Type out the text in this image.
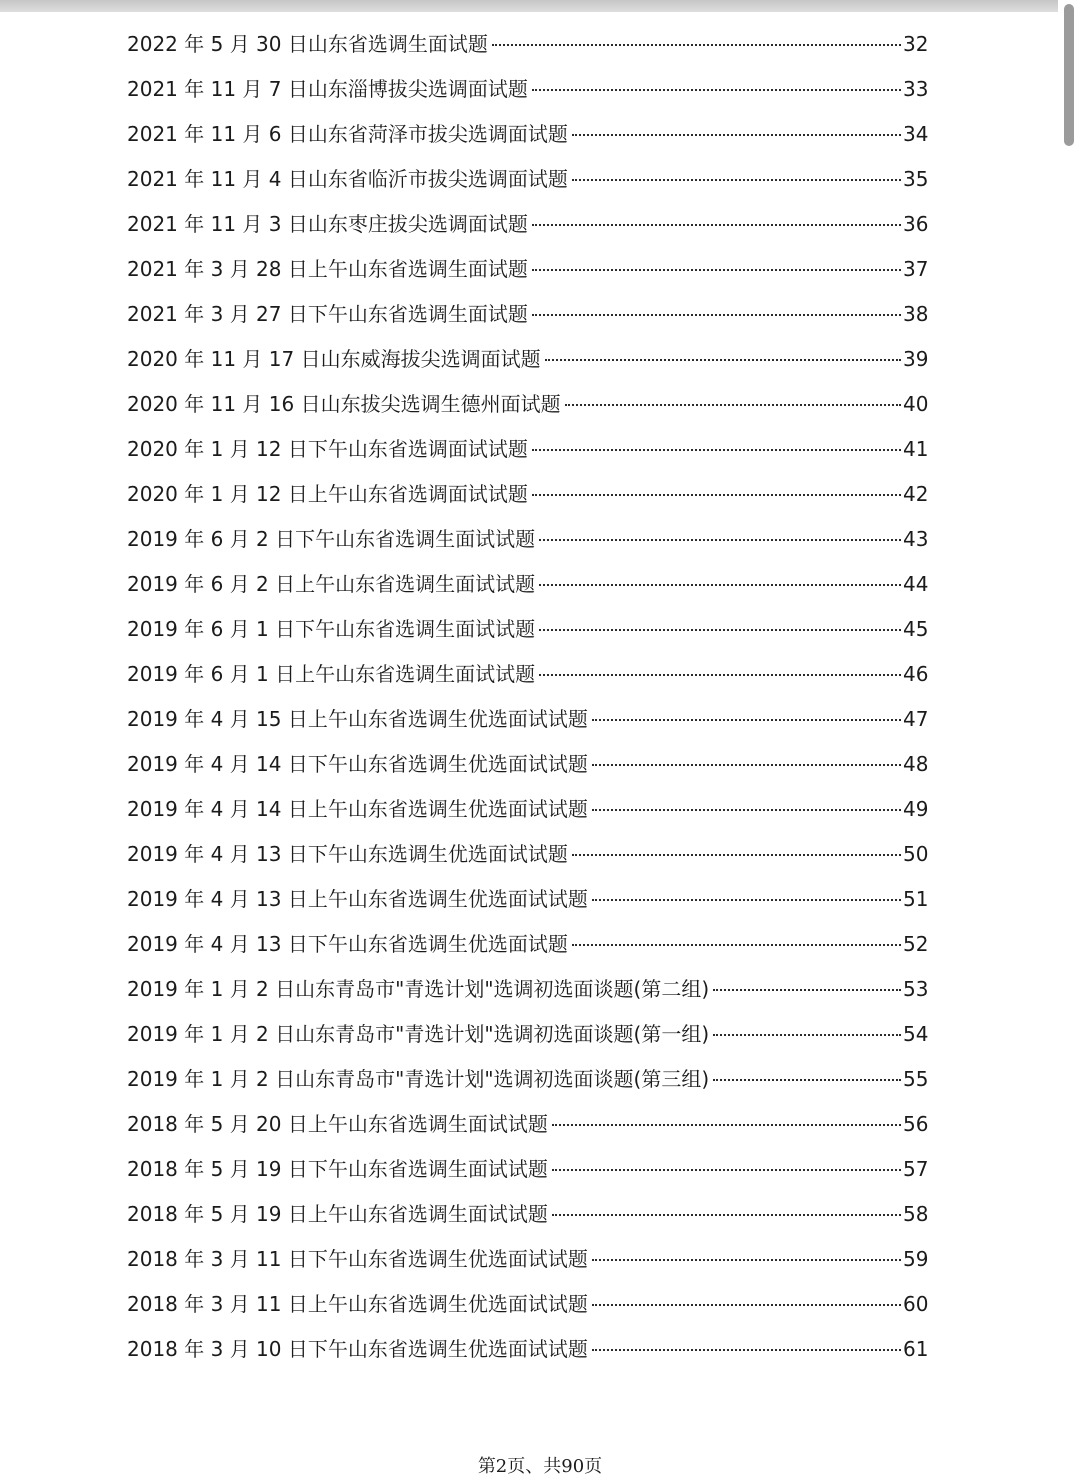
2022 年 5 月 30 日山东省选调生面试题	32
2021 年 11 月 7 日山东淄博拔尖选调面试题	33
2021 年 11 月 6 日山东省菏泽市拔尖选调面试题	34
2021 年 11 月 4 日山东省临沂市拔尖选调面试题	35
2021 年 11 月 3 日山东枣庄拔尖选调面试题	36
2021 年 3 月 28 日上午山东省选调生面试题	37
2021 年 3 月 27 日下午山东省选调生面试题	38
2020 年 11 月 17 日山东威海拔尖选调面试题	39
2020 年 11 月 16 日山东拔尖选调生德州面试题	40
2020 年 1 月 12 日下午山东省选调面试试题	41
2020 年 1 月 12 日上午山东省选调面试试题	42
2019 年 6 月 2 日下午山东省选调生面试试题	43
2019 年 6 月 2 日上午山东省选调生面试试题	44
2019 年 6 月 1 日下午山东省选调生面试试题	45
2019 年 6 月 1 日上午山东省选调生面试试题	46
2019 年 4 月 15 日上午山东省选调生优选面试试题	47
2019 年 4 月 14 日下午山东省选调生优选面试试题	48
2019 年 4 月 14 日上午山东省选调生优选面试试题	49
2019 年 4 月 13 日下午山东选调生优选面试试题	50
2019 年 4 月 13 日上午山东省选调生优选面试试题	51
2019 年 4 月 13 日下午山东省选调生优选面试题	52
2019 年 1 月 2 日山东青岛市"青选计划"选调初选面谈题(第二组)	53
2019 年 1 月 2 日山东青岛市"青选计划"选调初选面谈题(第一组)	54
2019 年 1 月 2 日山东青岛市"青选计划"选调初选面谈题(第三组)	55
2018 年 5 月 20 日上午山东省选调生面试试题	56
2018 年 5 月 19 日下午山东省选调生面试试题	57
2018 年 5 月 19 日上午山东省选调生面试试题	58
2018 年 3 月 11 日下午山东省选调生优选面试试题	59
2018 年 3 月 11 日上午山东省选调生优选面试试题	60
2018 年 3 月 10 日下午山东省选调生优选面试试题	61
第2页、共90页
